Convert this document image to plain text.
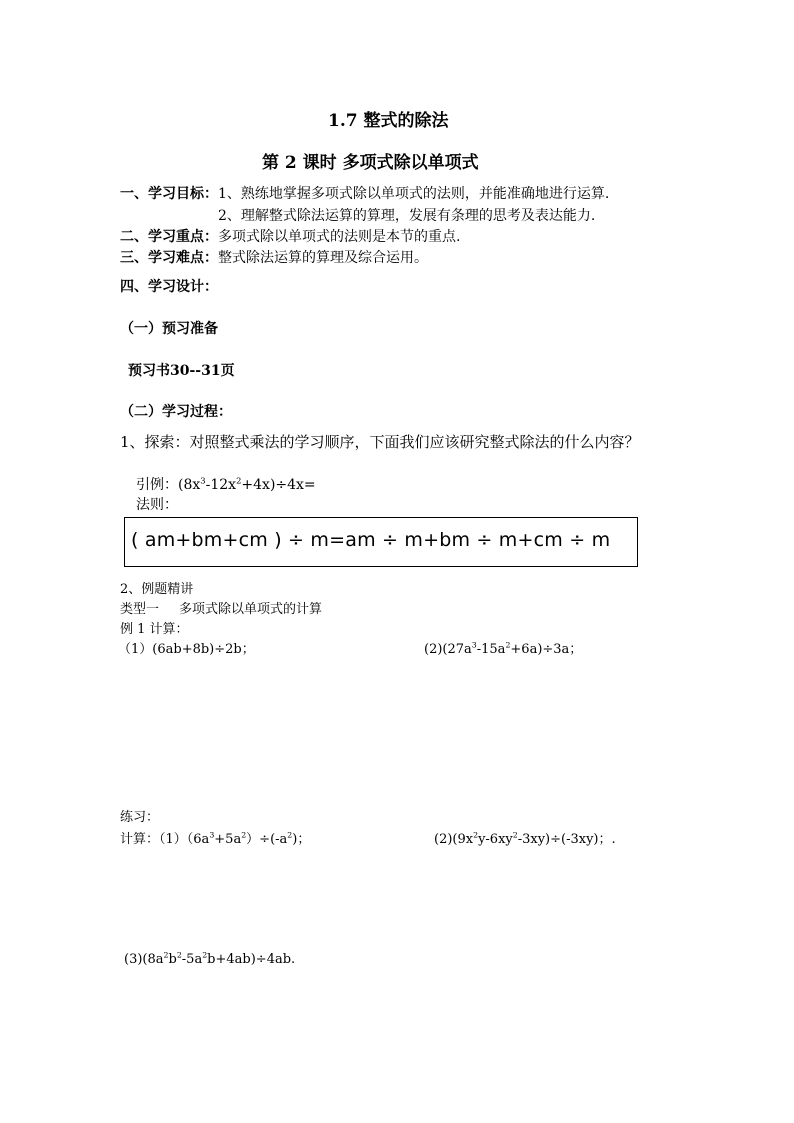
1.7 整式的除法
第 2 课时 多项式除以单项式
一、学习目标：1、熟练地掌握多项式除以单项式的法则，并能准确地进行运算.
2、理解整式除法运算的算理，发展有条理的思考及表达能力.
二、学习重点：多项式除以单项式的法则是本节的重点.
三、学习难点：整式除法运算的算理及综合运用。
四、学习设计：
（一）预习准备
预习书30--31页
（二）学习过程：
1、探索：对照整式乘法的学习顺序，下面我们应该研究整式除法的什么内容？
引例：$(8x^3-12x^2+4x)\div 4x=$
法则：
( am+bm+cm ) ÷ m=am ÷ m+bm ÷ m+cm ÷ m
2、例题精讲
类型一 多项式除以单项式的计算
例 1 计算：
（1）(6ab+8b)÷2b；	$(2)(27a^3-15a^2+6a)\div 3a$；
练习：
计算：$(1)(6a^3+5a^2)\div(-a^2)$；	$(2)(9x^2y-6xy^2-3xy)\div(-3xy)$；.
$(3)(8a^2b^2-5a^2b+4ab)\div 4ab$.
